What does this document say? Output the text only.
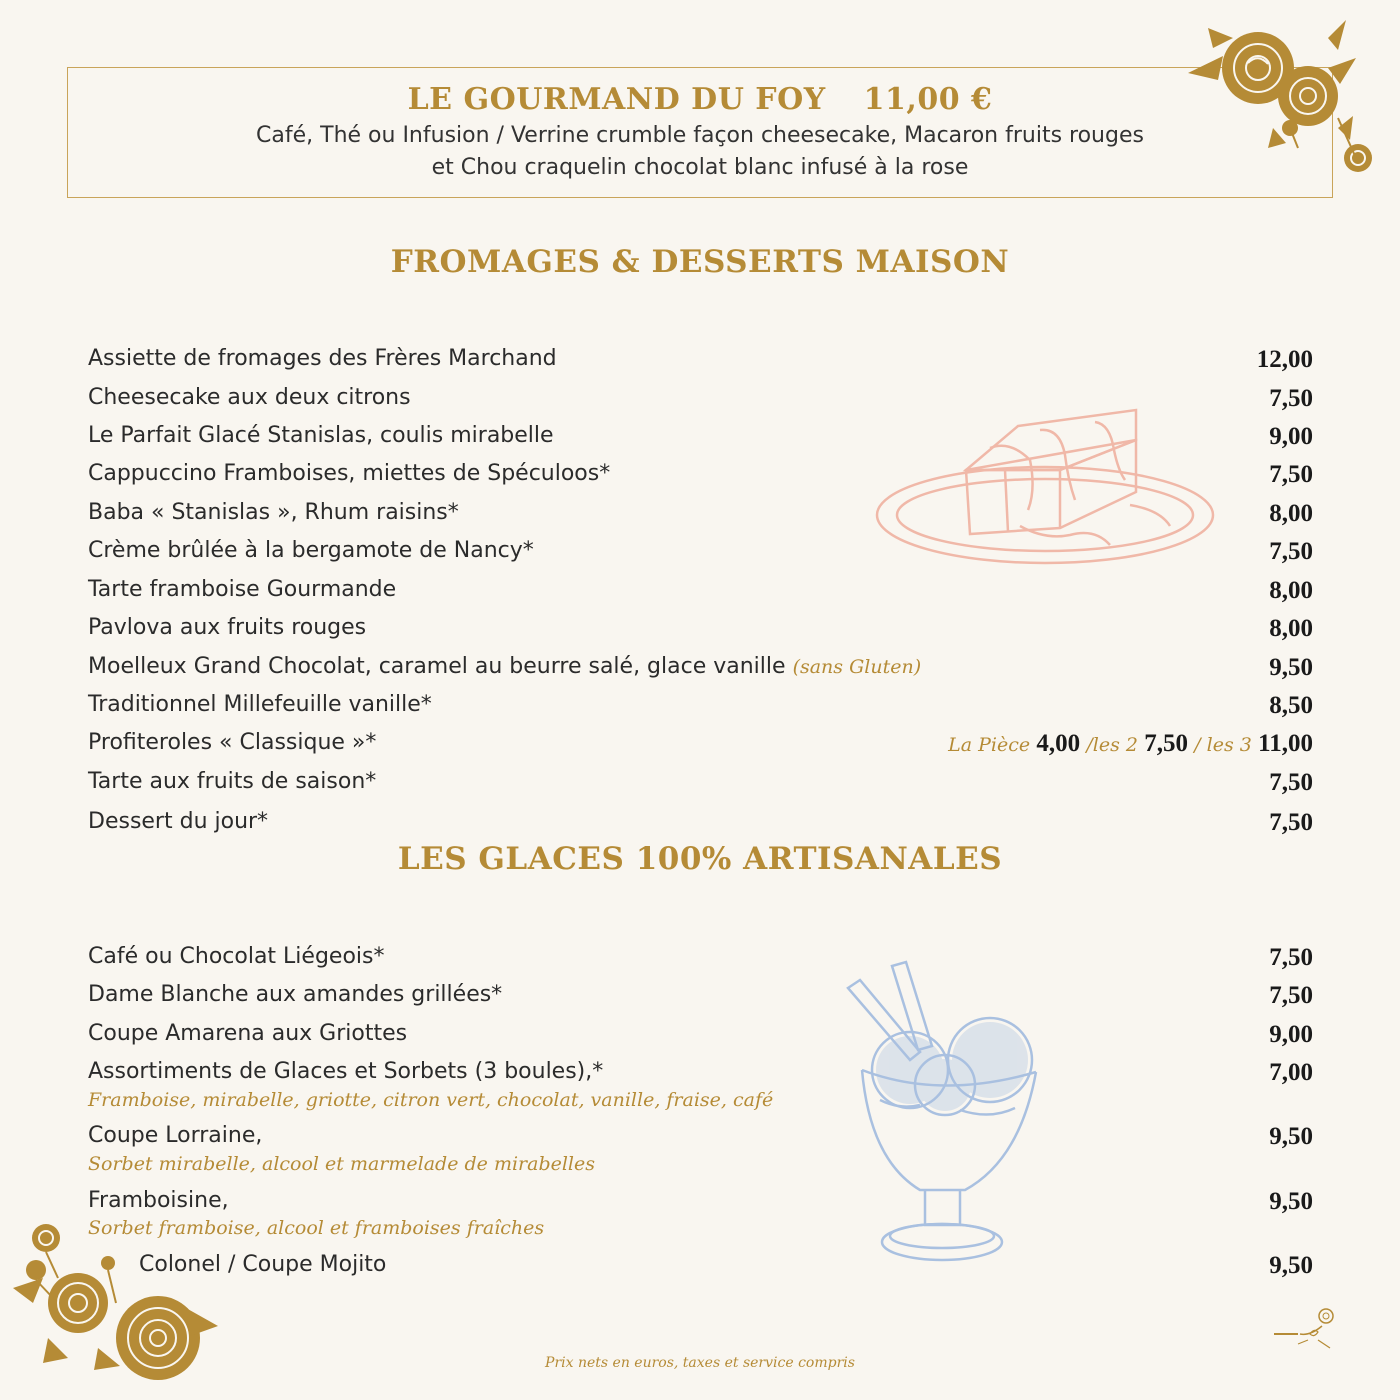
LE GOURMAND DU FOY 11,00 €
Café, Thé ou Infusion / Verrine crumble façon cheesecake, Macaron fruits rouges
et Chou craquelin chocolat blanc infusé à la rose
FROMAGES & DESSERTS MAISON
Assiette de fromages des Frères Marchand	12,00
Cheesecake aux deux citrons	7,50
Le Parfait Glacé Stanislas, coulis mirabelle	9,00
Cappuccino Framboises, miettes de Spéculoos*	7,50
Baba « Stanislas », Rhum raisins*	8,00
Crème brûlée à la bergamote de Nancy*	7,50
Tarte framboise Gourmande	8,00
Pavlova aux fruits rouges	8,00
Moelleux Grand Chocolat, caramel au beurre salé, glace vanille (sans Gluten)	9,50
Traditionnel Millefeuille vanille*	8,50
Profiteroles « Classique »*	La Pièce 4,00 /les 2 7,50 / les 3 11,00
Tarte aux fruits de saison*	7,50
Dessert du jour*	7,50
LES GLACES 100% ARTISANALES
Café ou Chocolat Liégeois*	7,50
Dame Blanche aux amandes grillées*	7,50
Coupe Amarena aux Griottes	9,00
Assortiments de Glaces et Sorbets (3 boules),*	7,00
Framboise, mirabelle, griotte, citron vert, chocolat, vanille, fraise, café
Coupe Lorraine,	9,50
Sorbet mirabelle, alcool et marmelade de mirabelles
Framboisine,	9,50
Sorbet framboise, alcool et framboises fraîches
Colonel / Coupe Mojito	9,50
Prix nets en euros, taxes et service compris
